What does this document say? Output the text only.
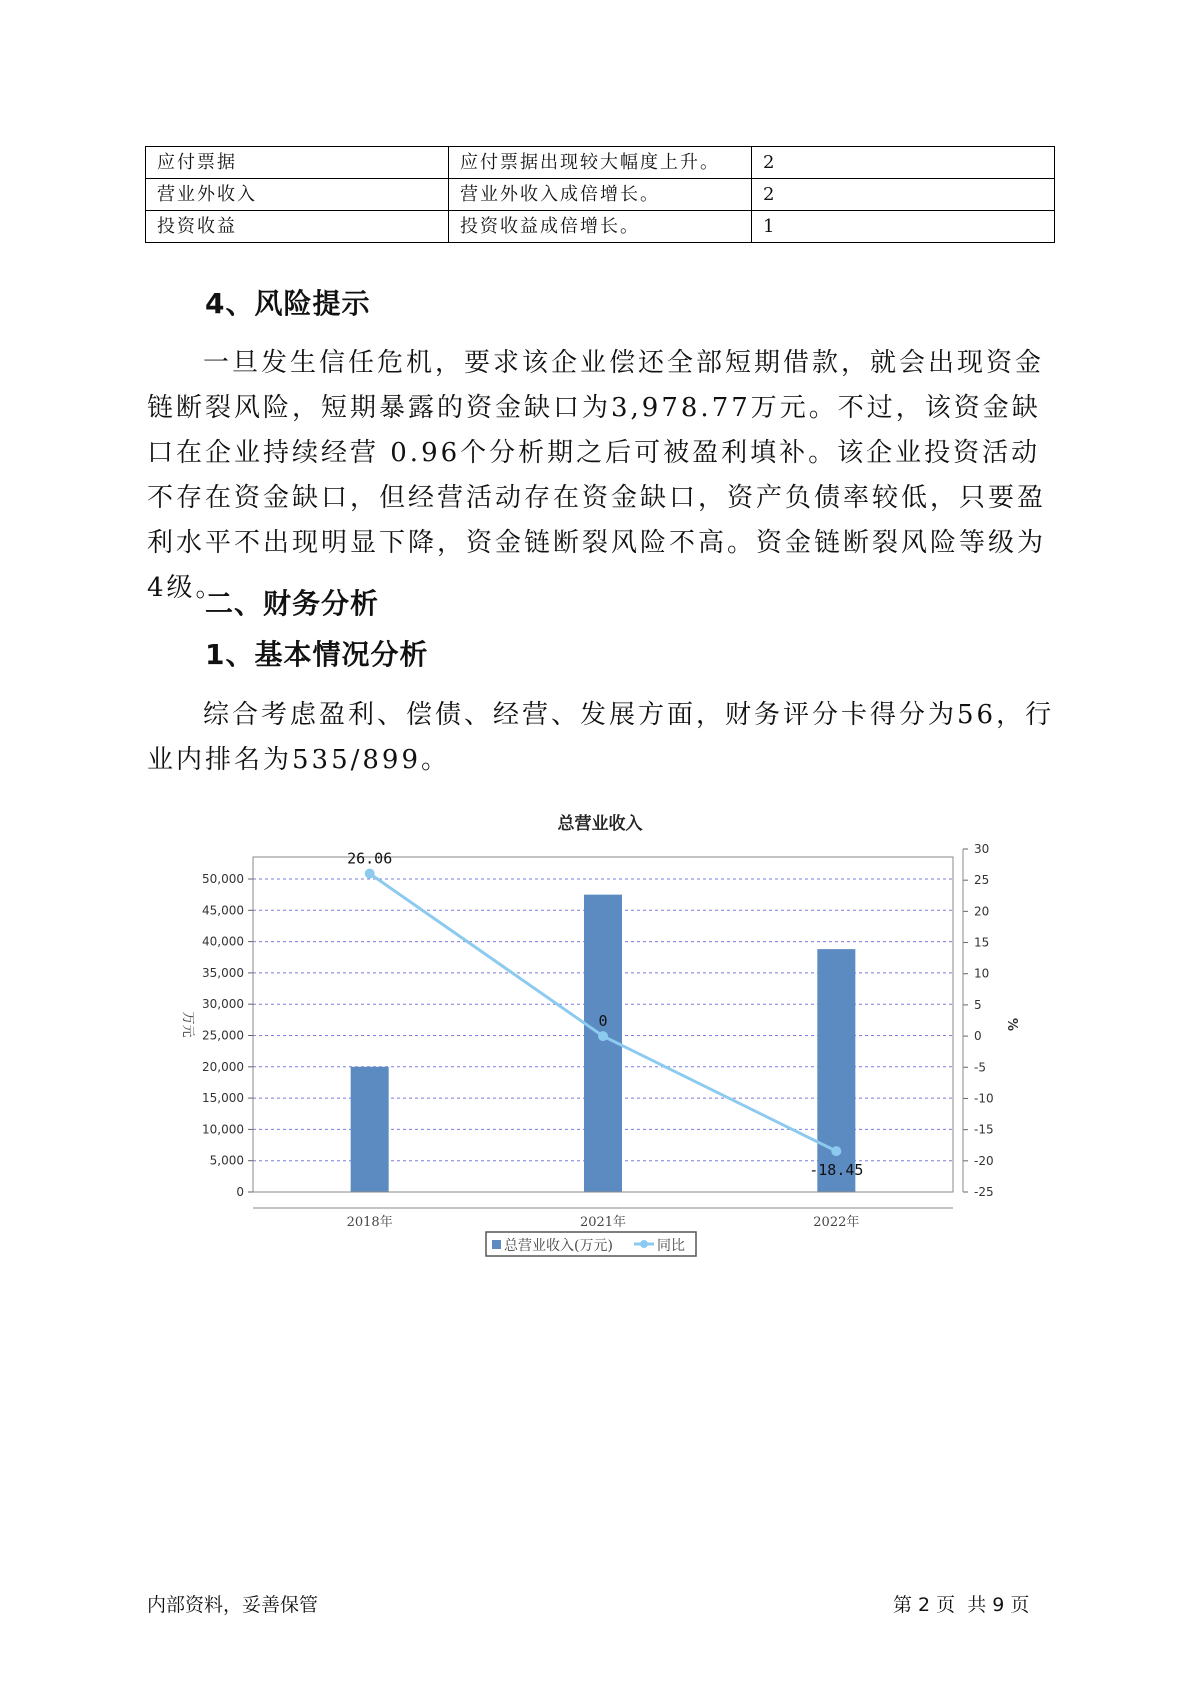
应付票据	应付票据出现较大幅度上升。	2
营业外收入	营业外收入成倍增长。	2
投资收益	投资收益成倍增长。	1
4、风险提示

一旦发生信任危机，要求该企业偿还全部短期借款，就会出现资金链断裂风险，短期暴露的资金缺口为3,978.77万元。不过，该资金缺口在企业持续经营 0.96个分析期之后可被盈利填补。该企业投资活动不存在资金缺口，但经营活动存在资金缺口，资产负债率较低，只要盈利水平不出现明显下降，资金链断裂风险不高。资金链断裂风险等级为4级。

二、财务分析
1、基本情况分析

综合考虑盈利、偿债、经营、发展方面，财务评分卡得分为56，行业内排名为535/899。

总营业收入
0
5,000
10,000
15,000
20,000
25,000
30,000
35,000
40,000
45,000
50,000
-25
-20
-15
-10
-5
0
5
10
15
20
25
30
万元	%
2018年	2021年	2022年
26.06
0
-18.45
总营业收入(万元)	同比
内部资料，妥善保管	第 2 页  共 9 页
